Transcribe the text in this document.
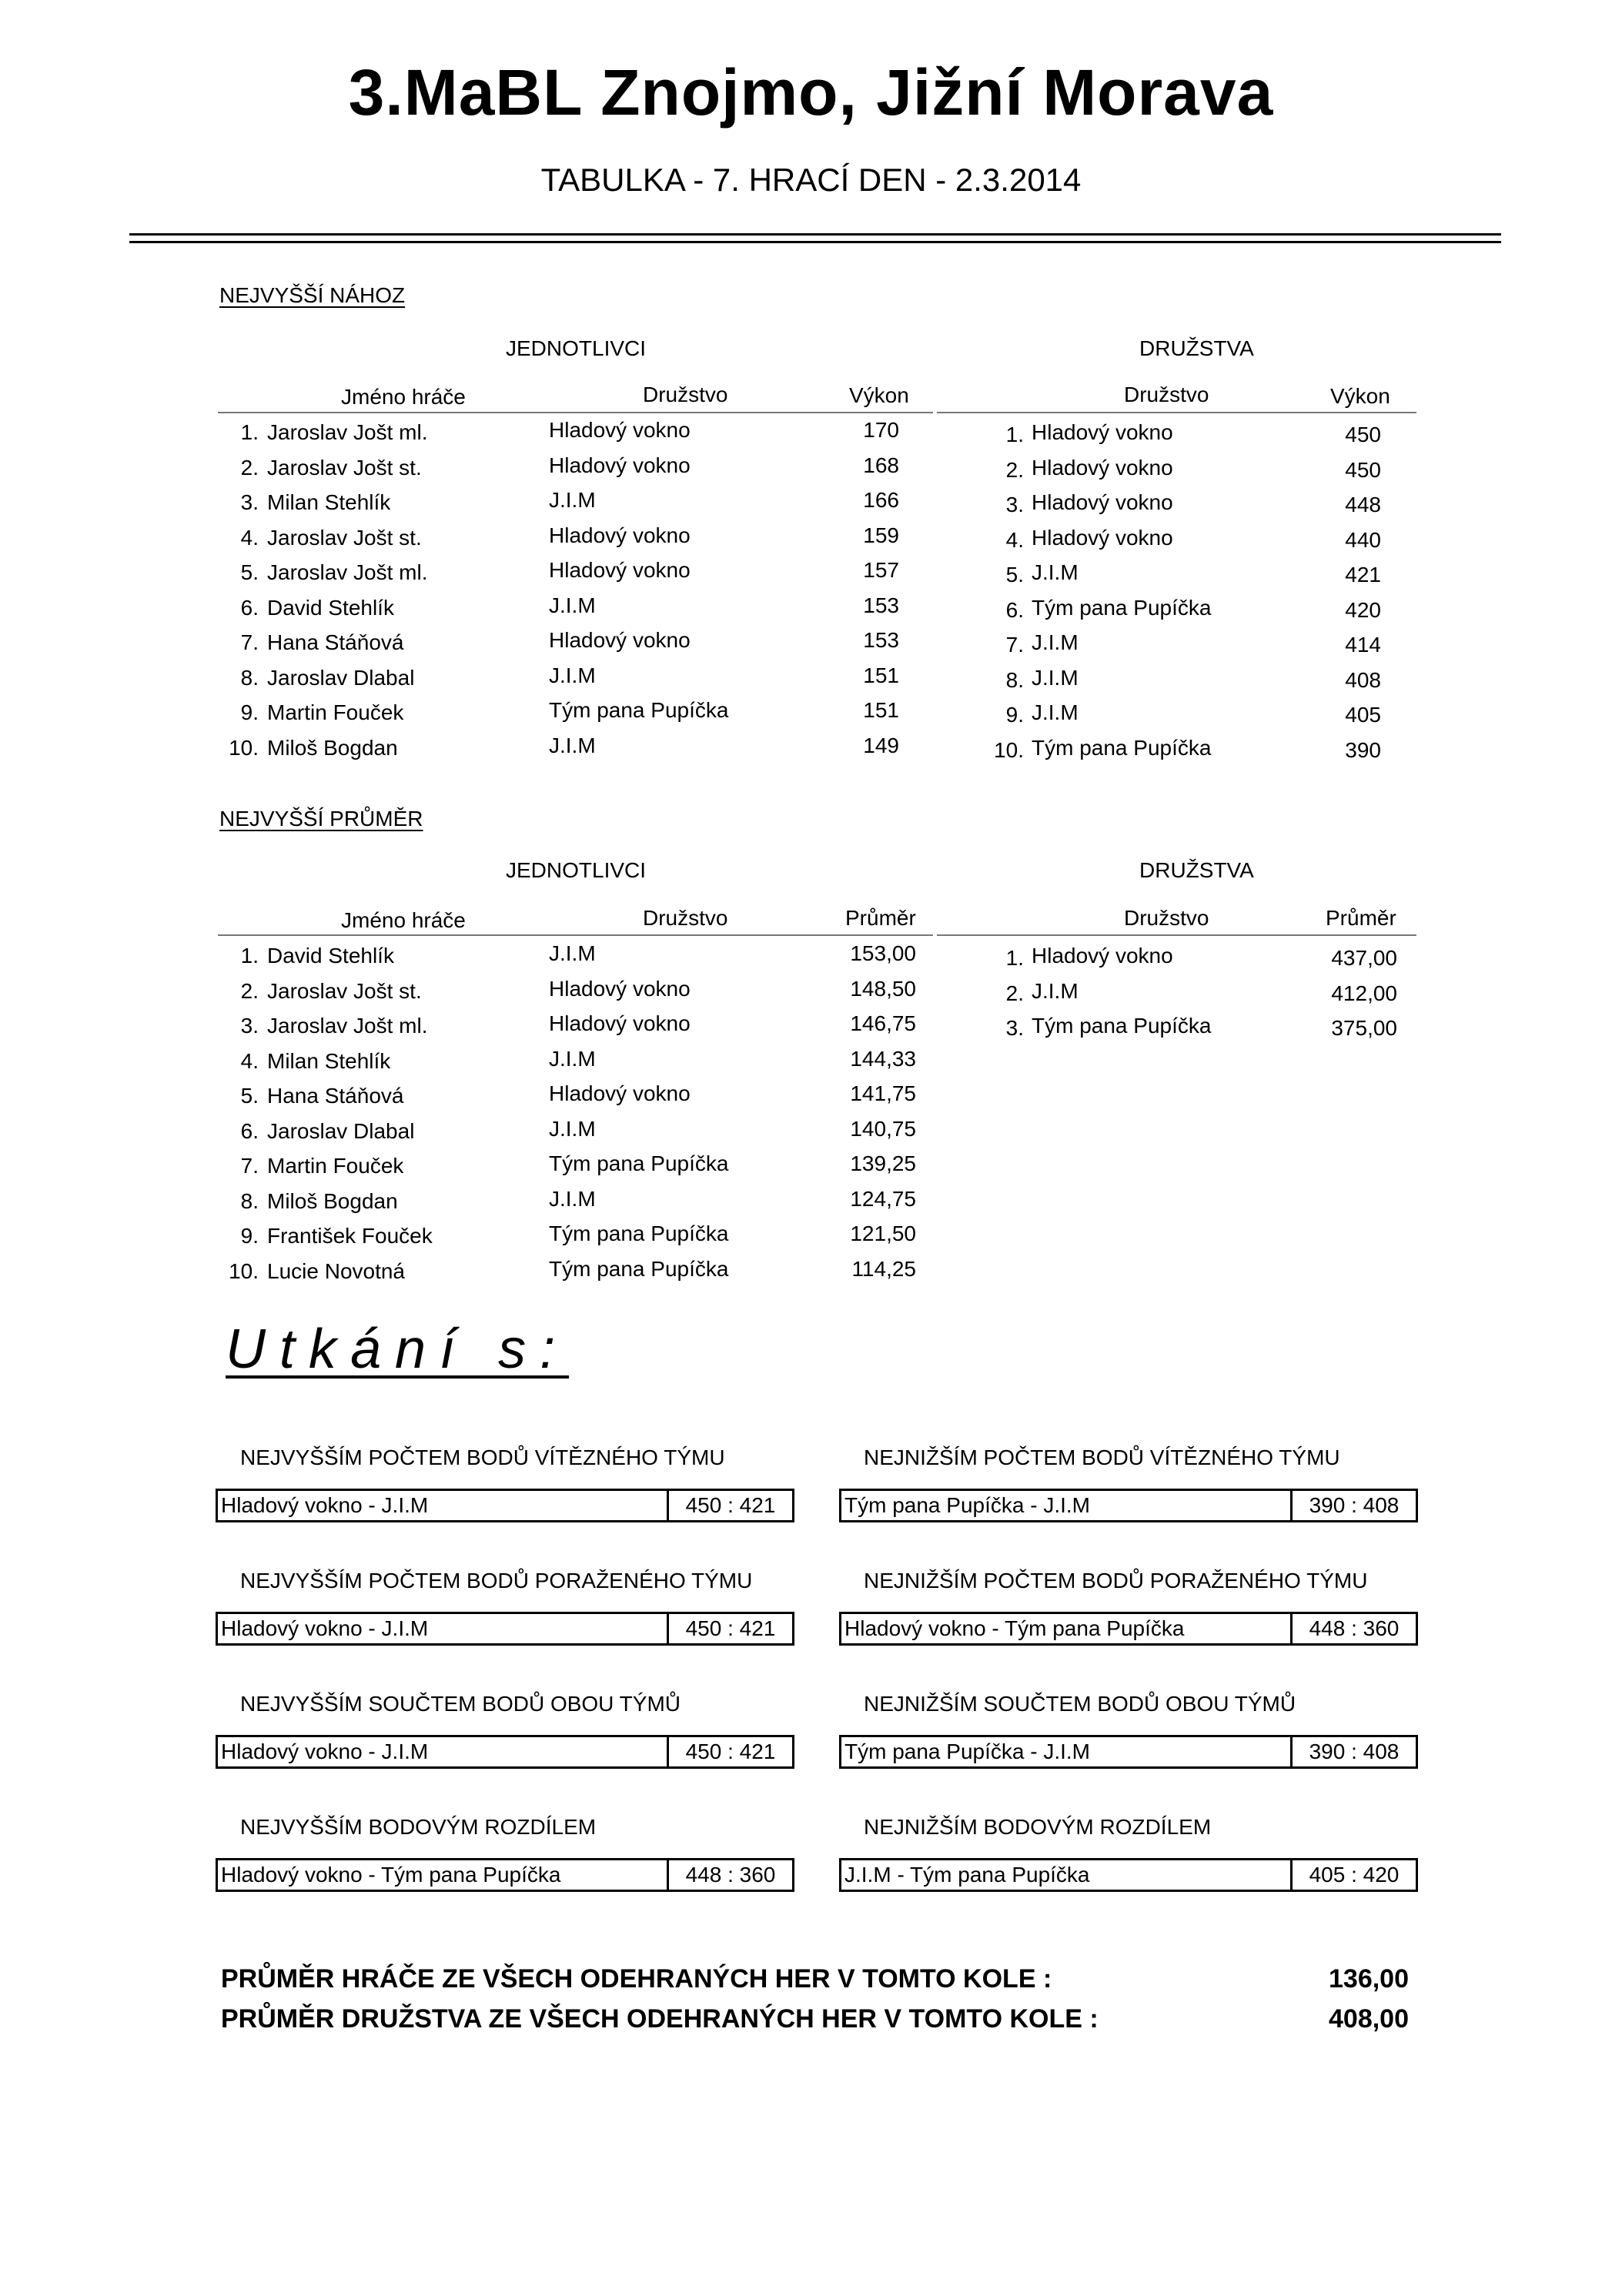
3.MaBL Znojmo, Jižní Morava
TABULKA - 7. HRACÍ DEN - 2.3.2014
NEJVYŠŠÍ NÁHOZ
JEDNOTLIVCI	DRUŽSTVA
Jméno hráče	Družstvo	Výkon	Družstvo	Výkon
1. Jaroslav Jošt ml.	Hladový vokno	170
2. Jaroslav Jošt st.	Hladový vokno	168
3. Milan Stehlík	J.I.M	166
4. Jaroslav Jošt st.	Hladový vokno	159
5. Jaroslav Jošt ml.	Hladový vokno	157
6. David Stehlík	J.I.M	153
7. Hana Stáňová	Hladový vokno	153
8. Jaroslav Dlabal	J.I.M	151
9. Martin Fouček	Tým pana Pupíčka	151
10. Miloš Bogdan	J.I.M	149
1. Hladový vokno	450
2. Hladový vokno	450
3. Hladový vokno	448
4. Hladový vokno	440
5. J.I.M	421
6. Tým pana Pupíčka	420
7. J.I.M	414
8. J.I.M	408
9. J.I.M	405
10. Tým pana Pupíčka	390
NEJVYŠŠÍ PRŮMĚR
JEDNOTLIVCI	DRUŽSTVA
Jméno hráče	Družstvo	Průměr	Družstvo	Průměr
1. David Stehlík	J.I.M	153,00
2. Jaroslav Jošt st.	Hladový vokno	148,50
3. Jaroslav Jošt ml.	Hladový vokno	146,75
4. Milan Stehlík	J.I.M	144,33
5. Hana Stáňová	Hladový vokno	141,75
6. Jaroslav Dlabal	J.I.M	140,75
7. Martin Fouček	Tým pana Pupíčka	139,25
8. Miloš Bogdan	J.I.M	124,75
9. František Fouček	Tým pana Pupíčka	121,50
10. Lucie Novotná	Tým pana Pupíčka	114,25
1. Hladový vokno	437,00
2. J.I.M	412,00
3. Tým pana Pupíčka	375,00
Utkání s:
NEJVYŠŠÍM POČTEM BODŮ VÍTĚZNÉHO TÝMU
Hladový vokno - J.I.M	450 : 421
NEJNIŽŠÍM POČTEM BODŮ VÍTĚZNÉHO TÝMU
Tým pana Pupíčka - J.I.M	390 : 408
NEJVYŠŠÍM POČTEM BODŮ PORAŽENÉHO TÝMU
Hladový vokno - J.I.M	450 : 421
NEJNIŽŠÍM POČTEM BODŮ PORAŽENÉHO TÝMU
Hladový vokno - Tým pana Pupíčka	448 : 360
NEJVYŠŠÍM SOUČTEM BODŮ OBOU TÝMŮ
Hladový vokno - J.I.M	450 : 421
NEJNIŽŠÍM SOUČTEM BODŮ OBOU TÝMŮ
Tým pana Pupíčka - J.I.M	390 : 408
NEJVYŠŠÍM BODOVÝM ROZDÍLEM
Hladový vokno - Tým pana Pupíčka	448 : 360
NEJNIŽŠÍM BODOVÝM ROZDÍLEM
J.I.M - Tým pana Pupíčka	405 : 420
PRŮMĚR HRÁČE ZE VŠECH ODEHRANÝCH HER V TOMTO KOLE :	136,00
PRŮMĚR DRUŽSTVA ZE VŠECH ODEHRANÝCH HER V TOMTO KOLE :	408,00
